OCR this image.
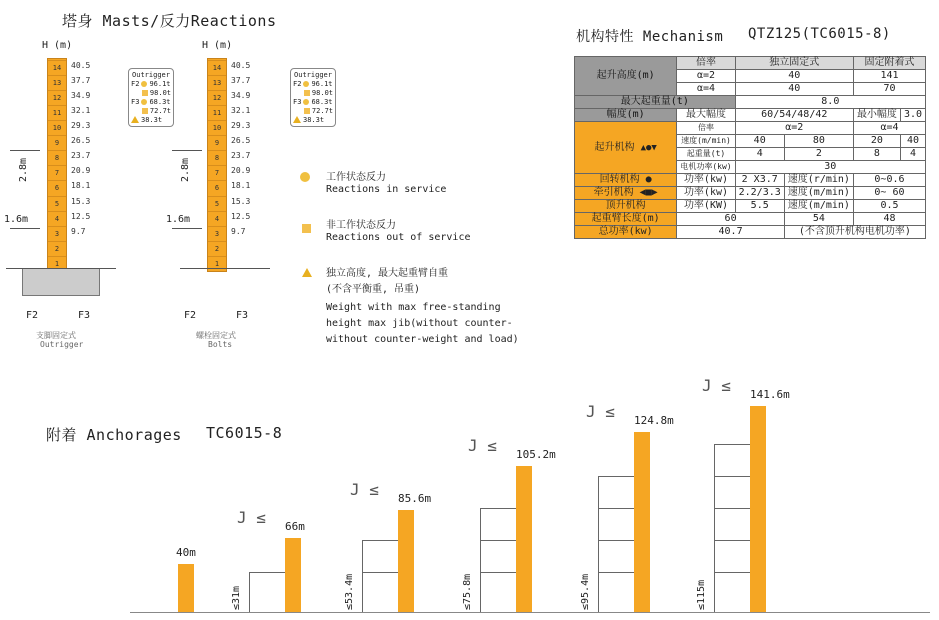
塔身 Masts/反力Reactions
H (m)
1
2
3
4
5
6
7
8
9
10
11
12
13
14
9.7
12.5
15.3
18.1
20.9
23.7
26.5
29.3
32.1
34.9
37.7
40.5
2.8m
1.6m
F2	F3
支脚固定式
Outrigger
Outrigger
F2 96.1t
98.0t
F3 68.3t
72.7t
38.3t
H (m)
1
2
3
4
5
6
7
8
9
10
11
12
13
14
9.7
12.5
15.3
18.1
20.9
23.7
26.5
29.3
32.1
34.9
37.7
40.5
2.8m
1.6m
F2	F3
螺栓固定式
Bolts
Outrigger
F2 96.1t
98.0t
F3 68.3t
72.7t
38.3t
工作状态反力
Reactions in service
非工作状态反力
Reactions out of service
独立高度, 最大起重臂自重
(不含平衡重, 吊重)
Weight with max free-standing
height max jib(without counter-
without counter-weight and load)
机构特性 Mechanism QTZ125(TC6015-8)
起升高度(m)	倍率	独立固定式		固定附着式	
	α=2	40		141	
	α=4	40		70	
最大起重量(t)		8.0			
幅度(m)	最大幅度	60/54/48/42		最小幅度	3.0
起升机构 ▲●▼	倍率	α=2		α=4	
	速度(m/min)	40	80	20	40
	起重量(t)	4	2	8	4
	电机功率(kw)	30			
回转机构 ●	功率(kw)	2 X3.7	速度(r/min)	0~0.6	
牵引机构 ◀■▶	功率(kw)	2.2/3.3	速度(m/min)	0~ 60	
顶升机构	功率(KW)	5.5	速度(m/min)	0.5	
起重臂长度(m)	60		54	48	
总功率(kw)	40.7		(不含顶升机构电机功率)		
附着 Anchorages TC6015-8
40m
66m
J ≤
≤31m
85.6m
J ≤
≤53.4m
105.2m
J ≤
≤75.8m
124.8m
J ≤
≤95.4m
141.6m
J ≤
≤115m
